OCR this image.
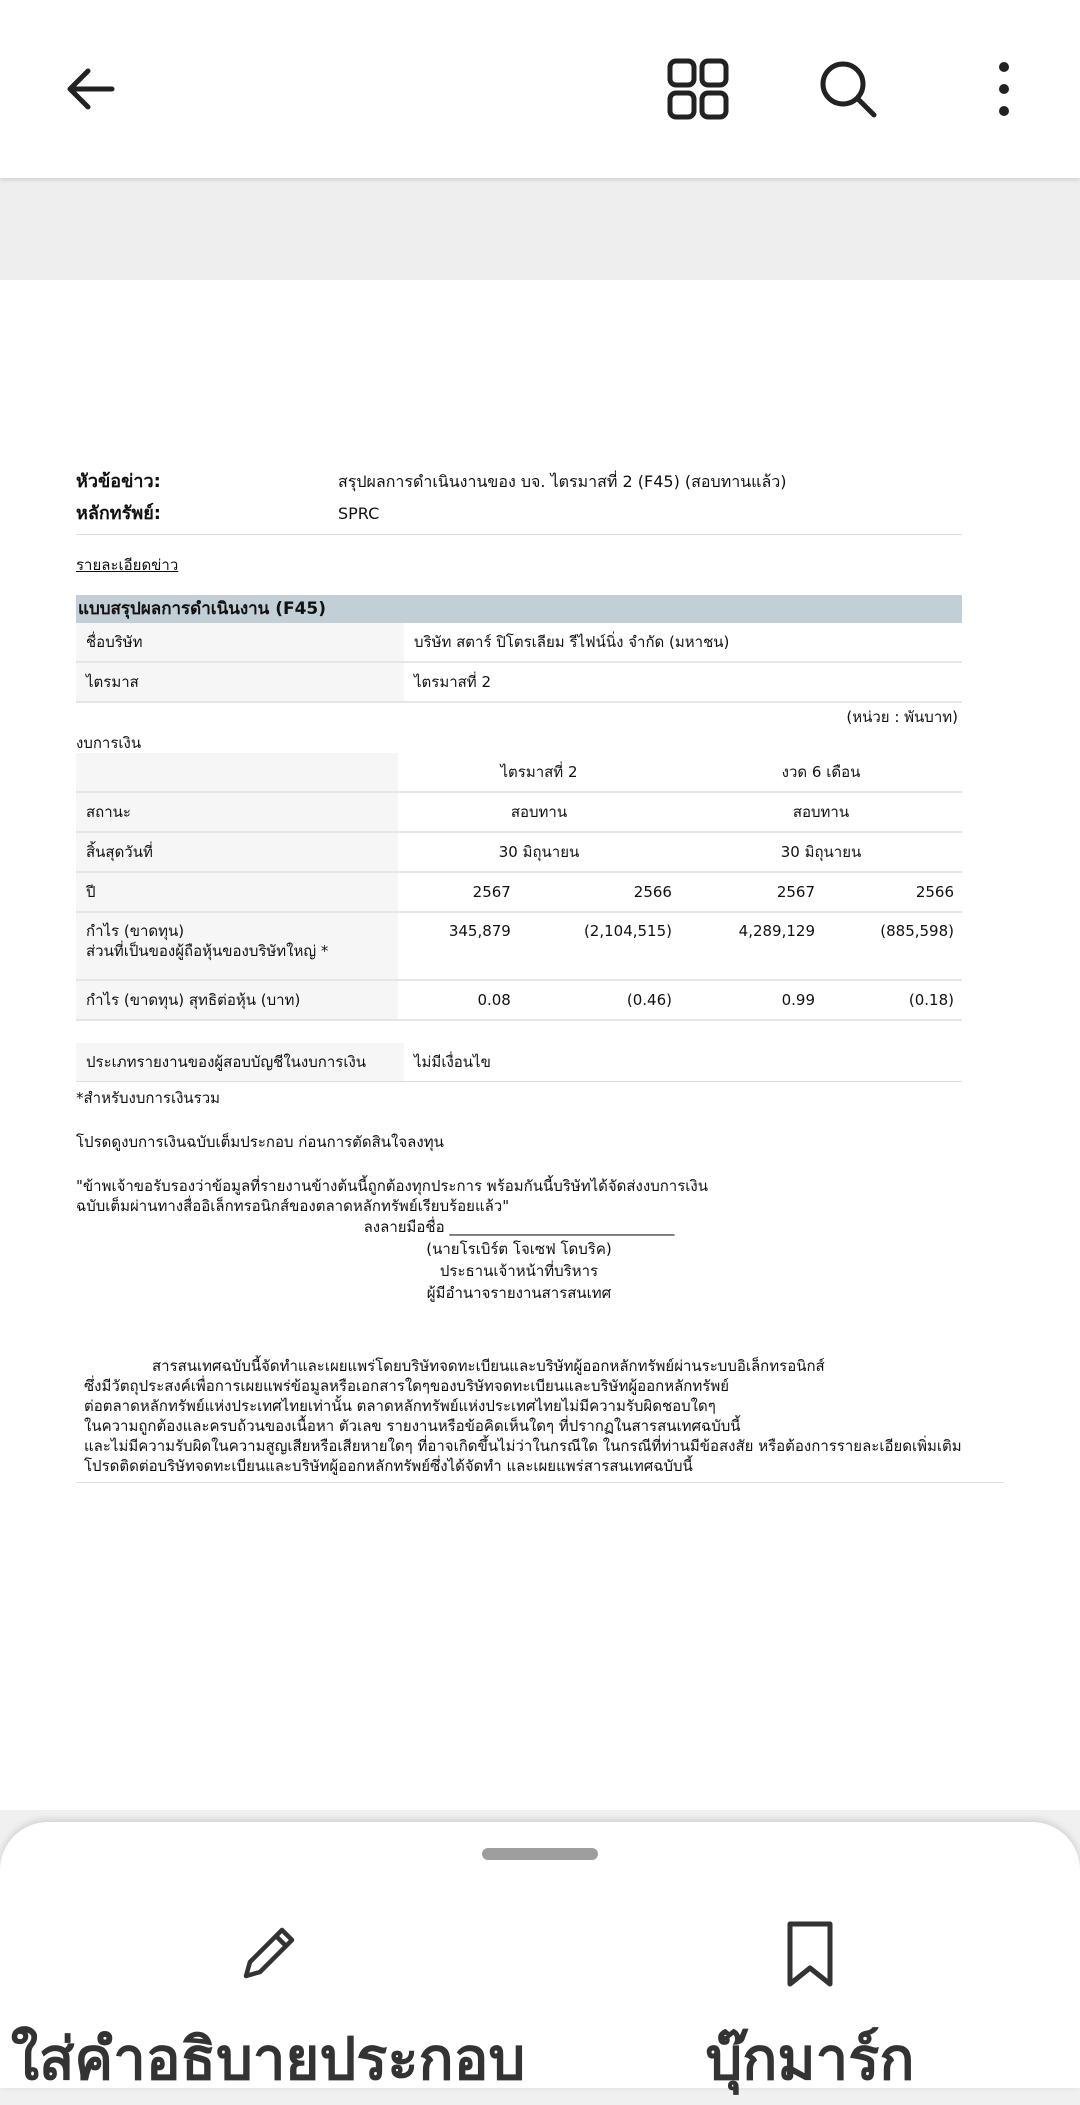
หัวข้อข่าว:	สรุปผลการดำเนินงานของ บจ. ไตรมาสที่ 2 (F45) (สอบทานแล้ว)
หลักทรัพย์:	SPRC
รายละเอียดข่าว
แบบสรุปผลการดำเนินงาน (F45)
ชื่อบริษัท	บริษัท สตาร์ ปิโตรเลียม รีไฟน์นิ่ง จำกัด (มหาชน)
ไตรมาส	ไตรมาสที่ 2
(หน่วย : พันบาท)
งบการเงิน
	ไตรมาสที่ 2		งวด 6 เดือน	
สถานะ	สอบทาน		สอบทาน	
สิ้นสุดวันที่	30 มิถุนายน		30 มิถุนายน	
ปี	2567	2566	2567	2566

กำไร (ขาดทุน)
ส่วนที่เป็นของผู้ถือหุ้นของบริษัทใหญ่ *	345,879	(2,104,515)	4,289,129	(885,598)
กำไร (ขาดทุน) สุทธิต่อหุ้น (บาท)	0.08	(0.46)	0.99	(0.18)
ประเภทรายงานของผู้สอบบัญชีในงบการเงิน	ไม่มีเงื่อนไข
*สำหรับงบการเงินรวม
โปรดดูงบการเงินฉบับเต็มประกอบ ก่อนการตัดสินใจลงทุน
"ข้าพเจ้าขอรับรองว่าข้อมูลที่รายงานข้างต้นนี้ถูกต้องทุกประการ พร้อมกันนี้บริษัทได้จัดส่งงบการเงิน
ฉบับเต็มผ่านทางสื่ออิเล็กทรอนิกส์ของตลาดหลักทรัพย์เรียบร้อยแล้ว"
ลงลายมือชื่อ ______________________________
(นายโรเบิร์ต โจเซฟ โดบริค)
ประธานเจ้าหน้าที่บริหาร
ผู้มีอำนาจรายงานสารสนเทศ
สารสนเทศฉบับนี้จัดทำและเผยแพร่โดยบริษัทจดทะเบียนและบริษัทผู้ออกหลักทรัพย์ผ่านระบบอิเล็กทรอนิกส์
ซึ่งมีวัตถุประสงค์เพื่อการเผยแพร่ข้อมูลหรือเอกสารใดๆของบริษัทจดทะเบียนและบริษัทผู้ออกหลักทรัพย์
ต่อตลาดหลักทรัพย์แห่งประเทศไทยเท่านั้น ตลาดหลักทรัพย์แห่งประเทศไทยไม่มีความรับผิดชอบใดๆ
ในความถูกต้องและครบถ้วนของเนื้อหา ตัวเลข รายงานหรือข้อคิดเห็นใดๆ ที่ปรากฏในสารสนเทศฉบับนี้
และไม่มีความรับผิดในความสูญเสียหรือเสียหายใดๆ ที่อาจเกิดขึ้นไม่ว่าในกรณีใด ในกรณีที่ท่านมีข้อสงสัย หรือต้องการรายละเอียดเพิ่มเติม
โปรดติดต่อบริษัทจดทะเบียนและบริษัทผู้ออกหลักทรัพย์ซึ่งได้จัดทำ และเผยแพร่สารสนเทศฉบับนี้
ใส่คำอธิบายประกอบ	บุ๊กมาร์ก
